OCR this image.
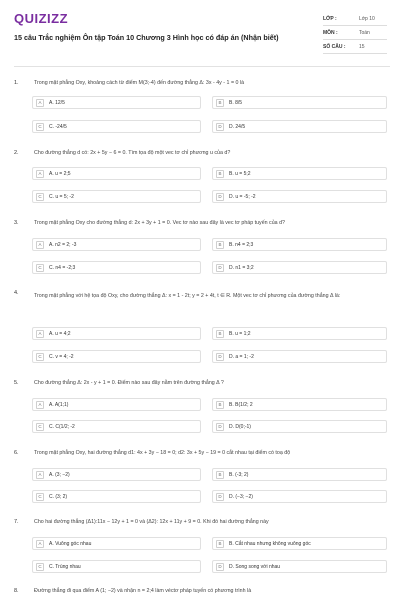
QUIZIZZ
15 câu Trắc nghiệm Ôn tập Toán 10 Chương 3 Hình học có đáp án (Nhận biết)
LỚP :	Lớp 10
MÔN :	Toán
SỐ CÂU :	15
1.	Trong mặt phẳng Oxy, khoảng cách từ điểm M(3;-4) đến đường thẳng Δ: 3x - 4y - 1 = 0 là
A	A. 12/5	B	B. 8/5
C	C. -24/5	D	D. 24/5
2.	Cho đường thẳng d có: 2x + 5y − 6 = 0. Tìm tọa độ một vec tơ chỉ phương u của d?
A	A. u = 2;5	B	B. u = 5;2
C	C. u = 5; -2	D	D. u = -5; -2
3.	Trong mặt phẳng Oxy cho đường thẳng d: 2x + 3y + 1 = 0. Vec tơ nào sau đây là vec tơ pháp tuyến của d?
A	A. n2 = 2; -3	B	B. n4 = 2;3
C	C. n4 = -2;3	D	D. n1 = 3;2
4.	Trong mặt phẳng với hệ tọa độ Oxy, cho đường thẳng Δ: x = 1 - 2t; y = 2 + 4t, t ∈ R. Một vec tơ chỉ phương của đường thẳng Δ là:
A	A. u = 4;2	B	B. u = 1;2
C	C. v = 4; -2	D	D. a = 1; -2
5.	Cho đường thẳng Δ: 2x - y + 1 = 0. Điểm nào sau đây nằm trên đường thẳng Δ ?
A	A. A(1;1)	B	B. B(1/2; 2
C	C. C(1/2; -2	D	D. D(0;-1)
6.	Trong mặt phẳng Oxy, hai đường thẳng d1: 4x + 3y − 18 = 0; d2: 3x + 5y − 19 = 0 cắt nhau tại điểm có toạ độ
A	A. (3; −2)	B	B. (-3; 2)
C	C. (3; 2)	D	D. (−3; −2)
7.	Cho hai đường thẳng (Δ1):11x − 12y + 1 = 0 và (Δ2): 12x + 11y + 9 = 0. Khi đó hai đường thẳng này
A	A. Vuông góc nhau	B	B. Cắt nhau nhưng không vuông góc
C	C. Trùng nhau	D	D. Song song với nhau
8.	Đường thẳng đi qua điểm A (1; −2) và nhận n = 2;4 làm véctơ pháp tuyến có phương trình là
